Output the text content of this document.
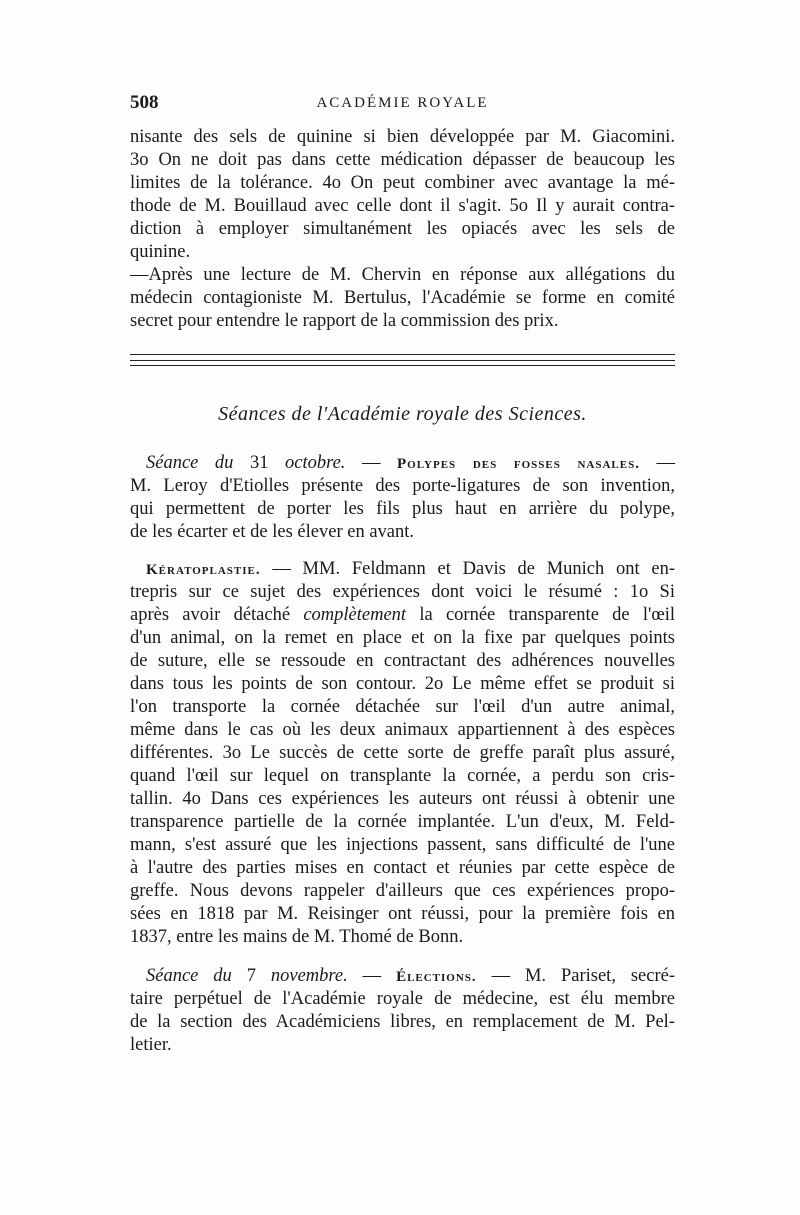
508	ACADÉMIE ROYALE
nisante des sels de quinine si bien développée par M. Giacomini.
3o On ne doit pas dans cette médication dépasser de beaucoup les
limites de la tolérance. 4o On peut combiner avec avantage la mé-
thode de M. Bouillaud avec celle dont il s'agit. 5o Il y aurait contra-
diction à employer simultanément les opiacés avec les sels de
quinine.
—Après une lecture de M. Chervin en réponse aux allégations du
médecin contagioniste M. Bertulus, l'Académie se forme en comité
secret pour entendre le rapport de la commission des prix.
Séances de l'Académie royale des Sciences.
Séance du 31 octobre. — Polypes des fosses nasales. —
M. Leroy d'Etiolles présente des porte-ligatures de son invention,
qui permettent de porter les fils plus haut en arrière du polype,
de les écarter et de les élever en avant.
Kératoplastie. — MM. Feldmann et Davis de Munich ont en-
trepris sur ce sujet des expériences dont voici le résumé : 1o Si
après avoir détaché complètement la cornée transparente de l'œil
d'un animal, on la remet en place et on la fixe par quelques points
de suture, elle se ressoude en contractant des adhérences nouvelles
dans tous les points de son contour. 2o Le même effet se produit si
l'on transporte la cornée détachée sur l'œil d'un autre animal,
même dans le cas où les deux animaux appartiennent à des espèces
différentes. 3o Le succès de cette sorte de greffe paraît plus assuré,
quand l'œil sur lequel on transplante la cornée, a perdu son cris-
tallin. 4o Dans ces expériences les auteurs ont réussi à obtenir une
transparence partielle de la cornée implantée. L'un d'eux, M. Feld-
mann, s'est assuré que les injections passent, sans difficulté de l'une
à l'autre des parties mises en contact et réunies par cette espèce de
greffe. Nous devons rappeler d'ailleurs que ces expériences propo-
sées en 1818 par M. Reisinger ont réussi, pour la première fois en
1837, entre les mains de M. Thomé de Bonn.
Séance du 7 novembre. — Élections. — M. Pariset, secré-
taire perpétuel de l'Académie royale de médecine, est élu membre
de la section des Académiciens libres, en remplacement de M. Pel-
letier.
